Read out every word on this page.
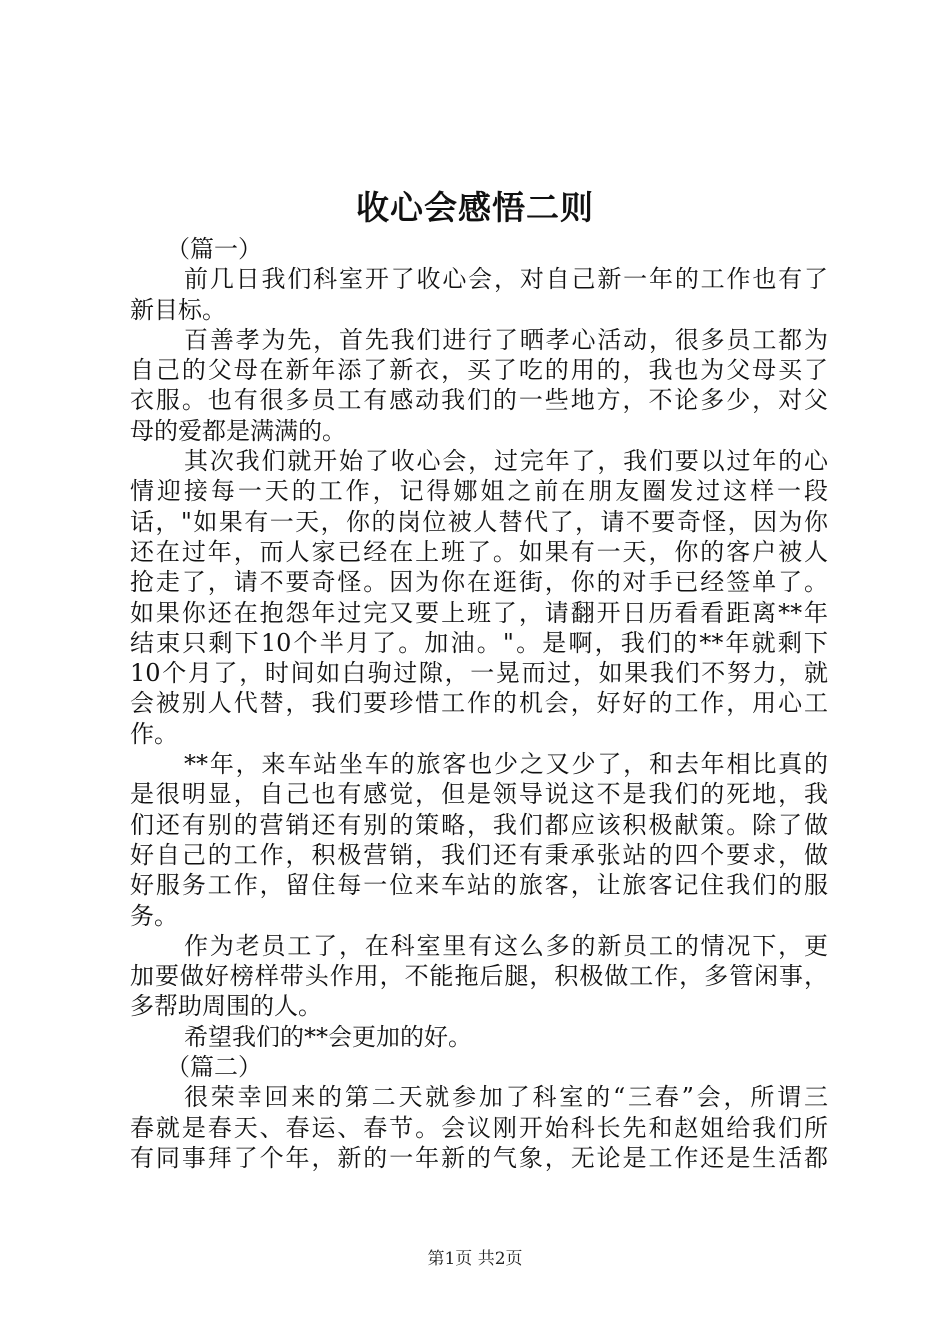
收心会感悟二则
（篇一）
前几日我们科室开了收心会，对自己新一年的工作也有了
新目标。
百善孝为先，首先我们进行了晒孝心活动，很多员工都为
自己的父母在新年添了新衣，买了吃的用的，我也为父母买了
衣服。也有很多员工有感动我们的一些地方，不论多少，对父
母的爱都是满满的。
其次我们就开始了收心会，过完年了，我们要以过年的心
情迎接每一天的工作，记得娜姐之前在朋友圈发过这样一段
话，"如果有一天，你的岗位被人替代了，请不要奇怪，因为你
还在过年，而人家已经在上班了。如果有一天，你的客户被人
抢走了，请不要奇怪。因为你在逛街，你的对手已经签单了。
如果你还在抱怨年过完又要上班了，请翻开日历看看距离**年
结束只剩下10个半月了。加油。"。是啊，我们的**年就剩下
10个月了，时间如白驹过隙，一晃而过，如果我们不努力，就
会被别人代替，我们要珍惜工作的机会，好好的工作，用心工
作。
**年，来车站坐车的旅客也少之又少了，和去年相比真的
是很明显，自己也有感觉，但是领导说这不是我们的死地，我
们还有别的营销还有别的策略，我们都应该积极献策。除了做
好自己的工作，积极营销，我们还有秉承张站的四个要求，做
好服务工作，留住每一位来车站的旅客，让旅客记住我们的服
务。
作为老员工了，在科室里有这么多的新员工的情况下，更
加要做好榜样带头作用，不能拖后腿，积极做工作，多管闲事，
多帮助周围的人。
希望我们的**会更加的好。
（篇二）
很荣幸回来的第二天就参加了科室的“三春”会，所谓三
春就是春天、春运、春节。会议刚开始科长先和赵姐给我们所
有同事拜了个年，新的一年新的气象，无论是工作还是生活都
第1页 共2页
